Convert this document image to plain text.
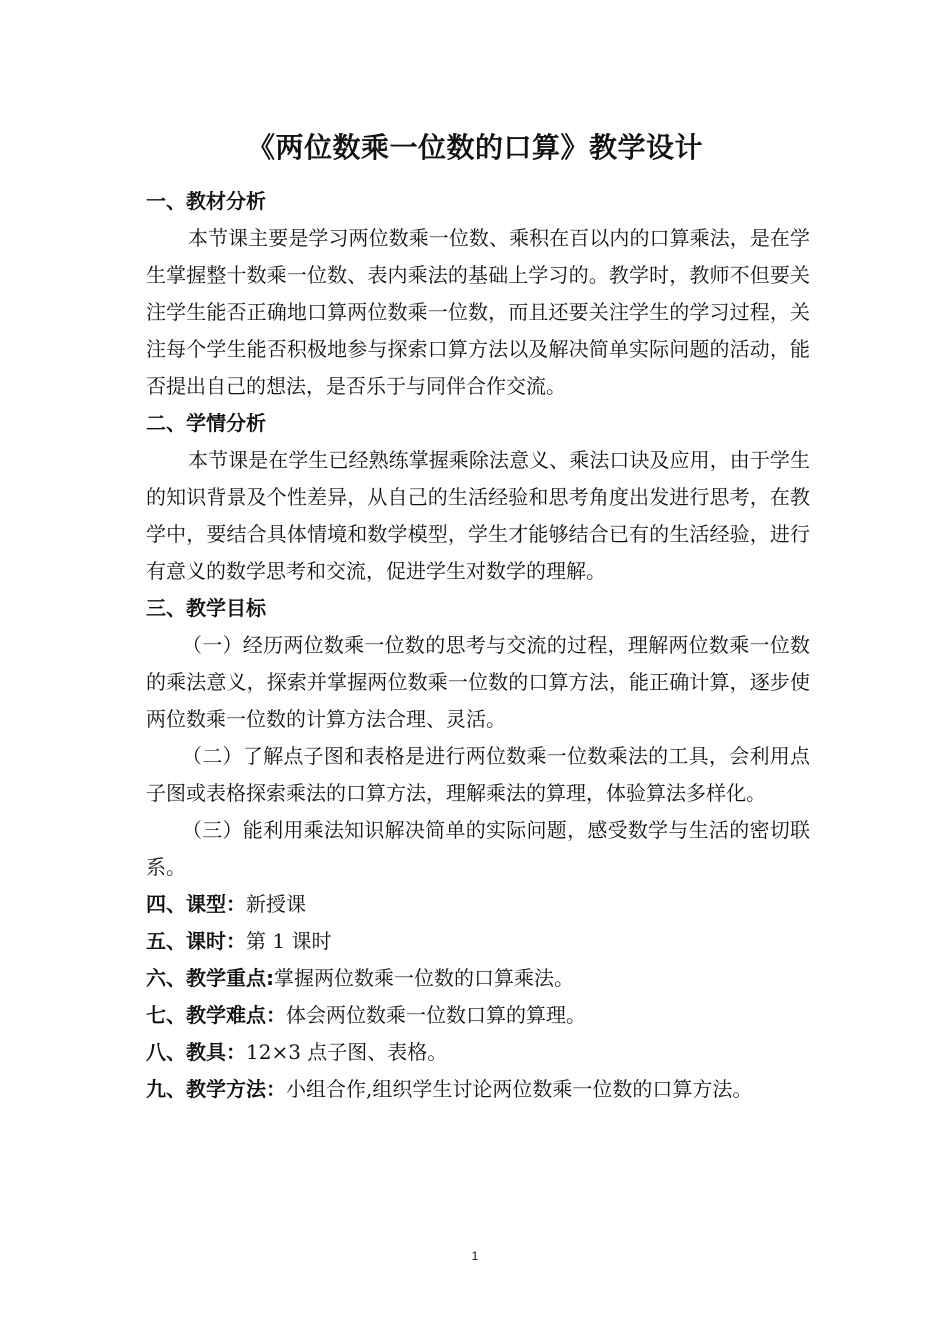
《两位数乘一位数的口算》教学设计

一、教材分析

本节课主要是学习两位数乘一位数、乘积在百以内的口算乘法，是在学生掌握整十数乘一位数、表内乘法的基础上学习的。教学时，教师不但要关注学生能否正确地口算两位数乘一位数，而且还要关注学生的学习过程，关注每个学生能否积极地参与探索口算方法以及解决简单实际问题的活动，能否提出自己的想法，是否乐于与同伴合作交流。

二、学情分析

本节课是在学生已经熟练掌握乘除法意义、乘法口诀及应用，由于学生的知识背景及个性差异，从自己的生活经验和思考角度出发进行思考，在教学中，要结合具体情境和数学模型，学生才能够结合已有的生活经验，进行有意义的数学思考和交流，促进学生对数学的理解。

三、教学目标

（一）经历两位数乘一位数的思考与交流的过程，理解两位数乘一位数的乘法意义，探索并掌握两位数乘一位数的口算方法，能正确计算，逐步使两位数乘一位数的计算方法合理、灵活。

（二）了解点子图和表格是进行两位数乘一位数乘法的工具，会利用点子图或表格探索乘法的口算方法，理解乘法的算理，体验算法多样化。

（三）能利用乘法知识解决简单的实际问题，感受数学与生活的密切联系。

四、课型：新授课

五、课时：第 1 课时

六、教学重点:掌握两位数乘一位数的口算乘法。

七、教学难点：体会两位数乘一位数口算的算理。

八、教具：12×3 点子图、表格。

九、教学方法：小组合作,组织学生讨论两位数乘一位数的口算方法。

1
